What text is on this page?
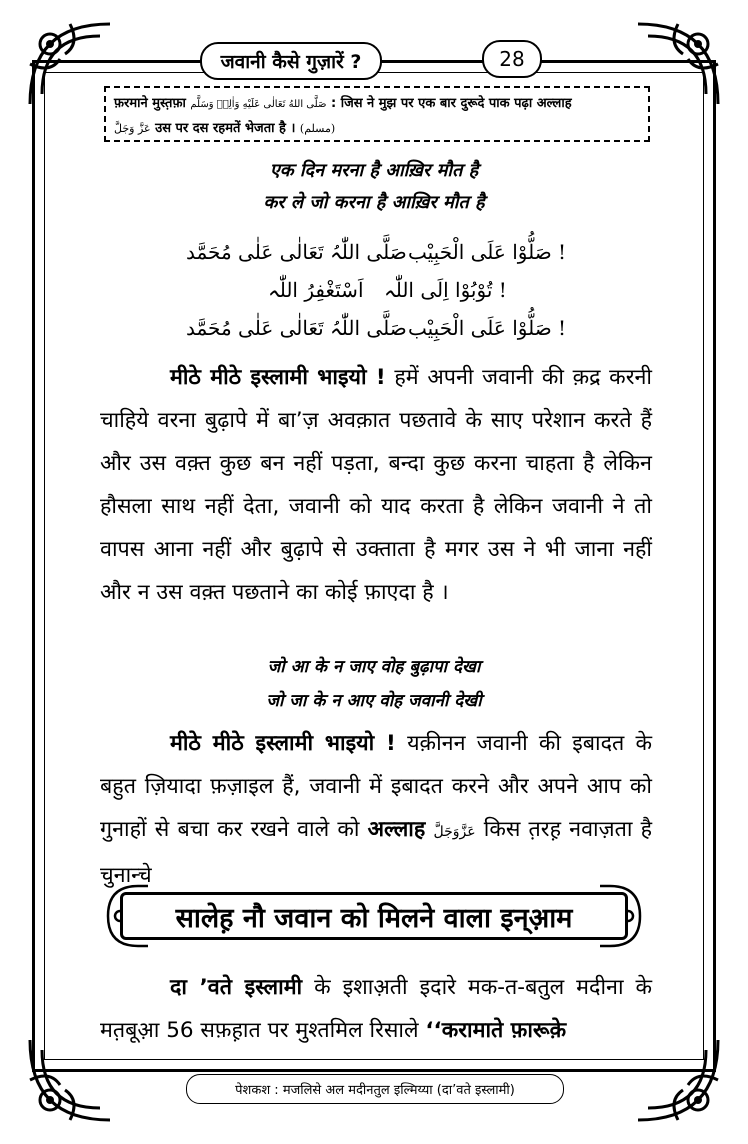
जवानी कैसे गुज़ारें ?	28
फ़रमाने मुस्त़फ़ा صَلَّى اللهُ تَعَالٰى عَلَيْهِ وَاٰلِهٖ وَسَلَّم : जिस ने मुझ पर एक बार दुरूदे पाक पढ़ा अल्लाह
عَزَّ وَجَلَّ उस पर दस रहमतें भेजता है । (مسلم)
एक दिन मरना है आख़िर मौत है
कर ले जो करना है आख़िर मौत है
صَلُّوْا عَلَی الْحَبِیْب !
صَلَّی اللّٰہُ تَعَالٰی عَلٰی مُحَمَّد
تُوْبُوْا اِلَی اللّٰہ !
اَسْتَغْفِرُ اللّٰہ
صَلُّوْا عَلَی الْحَبِیْب !
صَلَّی اللّٰہُ تَعَالٰی عَلٰی مُحَمَّد
मीठे मीठे इस्लामी भाइयो ! हमें अपनी जवानी की क़द्र करनी चाहिये वरना बुढ़ापे में बा’ज़ अवक़ात पछतावे के साए परेशान करते हैं और उस वक़्त कुछ बन नहीं पड़ता, बन्दा कुछ करना चाहता है लेकिन हौसला साथ नहीं देता, जवानी को याद करता है लेकिन जवानी ने तो वापस आना नहीं और बुढ़ापे से उक्ताता है मगर उस ने भी जाना नहीं और न उस वक़्त पछताने का कोई फ़ाएदा है ।
जो आ के न जाए वोह बुढ़ापा देखा
जो जा के न आए वोह जवानी देखी
मीठे मीठे इस्लामी भाइयो ! यक़ीनन जवानी की इबादत के बहुत ज़ियादा फ़ज़ाइल हैं, जवानी में इबादत करने और अपने आप को गुनाहों से बचा कर रखने वाले को अल्लाह عَزَّوَجَلَّ किस त़रह़ नवाज़ता है चुनान्चे
सालेह़ नौ जवान को मिलने वाला इन्आ़म
दा ’वते इस्लामी के इशाअ़ती इदारे मक-त-बतुल मदीना के मत़बूआ़ 56 सफ़ह़ात पर मुश्तमिल रिसाले ‘‘करामाते फ़ारूक़े
पेशकश : मजलिसे अल मदीनतुल इल्मिय्या (दा’वते इस्लामी)
